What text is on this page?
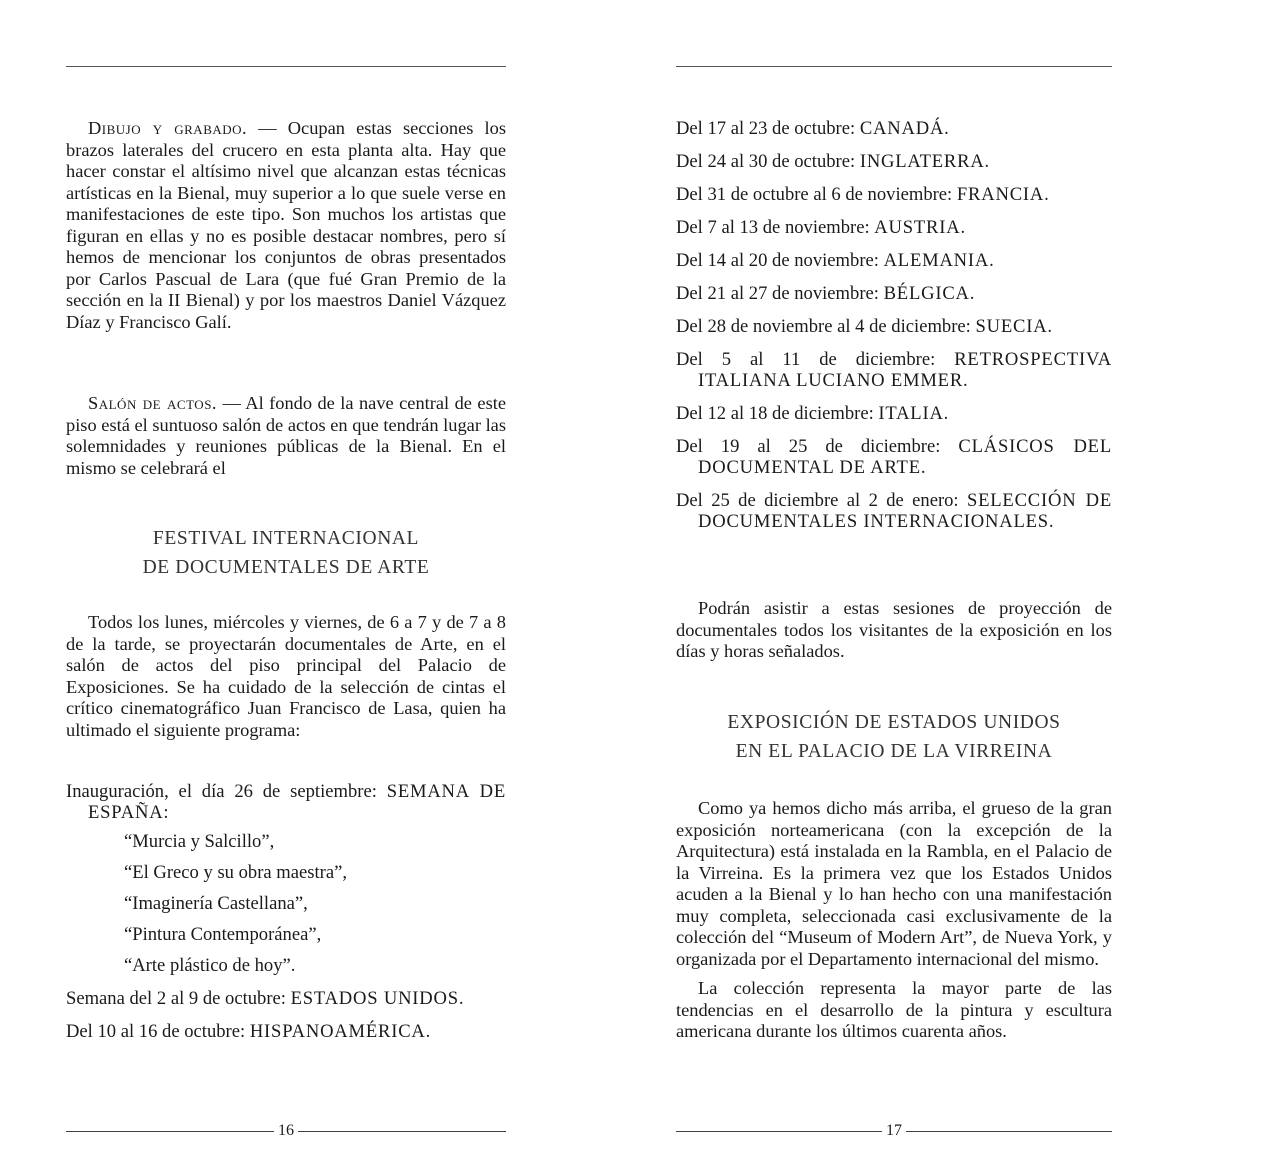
Dibujo y grabado. — Ocupan estas secciones los brazos laterales del crucero en esta planta alta. Hay que hacer constar el altísimo nivel que alcanzan estas técnicas artísticas en la Bienal, muy superior a lo que suele verse en manifestaciones de este tipo. Son muchos los artistas que figuran en ellas y no es posible destacar nombres, pero sí hemos de mencionar los conjuntos de obras presentados por Carlos Pascual de Lara (que fué Gran Premio de la sección en la II Bienal) y por los maestros Daniel Vázquez Díaz y Francisco Galí.

Salón de actos. — Al fondo de la nave central de este piso está el suntuoso salón de actos en que tendrán lugar las solemnidades y reuniones públicas de la Bienal. En el mismo se celebrará el

FESTIVAL INTERNACIONAL
DE DOCUMENTALES DE ARTE

Todos los lunes, miércoles y viernes, de 6 a 7 y de 7 a 8 de la tarde, se proyectarán documentales de Arte, en el salón de actos del piso principal del Palacio de Exposiciones. Se ha cuidado de la selección de cintas el crítico cinematográfico Juan Francisco de Lasa, quien ha ultimado el siguiente programa:

Inauguración, el día 26 de septiembre: SEMANA DE ESPAÑA:
“Murcia y Salcillo”,
“El Greco y su obra maestra”,
“Imaginería Castellana”,
“Pintura Contemporánea”,
“Arte plástico de hoy”.
Semana del 2 al 9 de octubre: ESTADOS UNIDOS.
Del 10 al 16 de octubre: HISPANOAMÉRICA.
16
Del 17 al 23 de octubre: CANADÁ.
Del 24 al 30 de octubre: INGLATERRA.
Del 31 de octubre al 6 de noviembre: FRANCIA.
Del 7 al 13 de noviembre: AUSTRIA.
Del 14 al 20 de noviembre: ALEMANIA.
Del 21 al 27 de noviembre: BÉLGICA.
Del 28 de noviembre al 4 de diciembre: SUECIA.
Del 5 al 11 de diciembre: RETROSPECTIVA ITALIANA LUCIANO EMMER.
Del 12 al 18 de diciembre: ITALIA.
Del 19 al 25 de diciembre: CLÁSICOS DEL DOCUMENTAL DE ARTE.
Del 25 de diciembre al 2 de enero: SELECCIÓN DE DOCUMENTALES INTERNACIONALES.

Podrán asistir a estas sesiones de proyección de documentales todos los visitantes de la exposición en los días y horas señalados.

EXPOSICIÓN DE ESTADOS UNIDOS
EN EL PALACIO DE LA VIRREINA

Como ya hemos dicho más arriba, el grueso de la gran exposición norteamericana (con la excepción de la Arquitectura) está instalada en la Rambla, en el Palacio de la Virreina. Es la primera vez que los Estados Unidos acuden a la Bienal y lo han hecho con una manifestación muy completa, seleccionada casi exclusivamente de la colección del “Museum of Modern Art”, de Nueva York, y organizada por el Departamento internacional del mismo.

La colección representa la mayor parte de las tendencias en el desarrollo de la pintura y escultura americana durante los últimos cuarenta años.

17
